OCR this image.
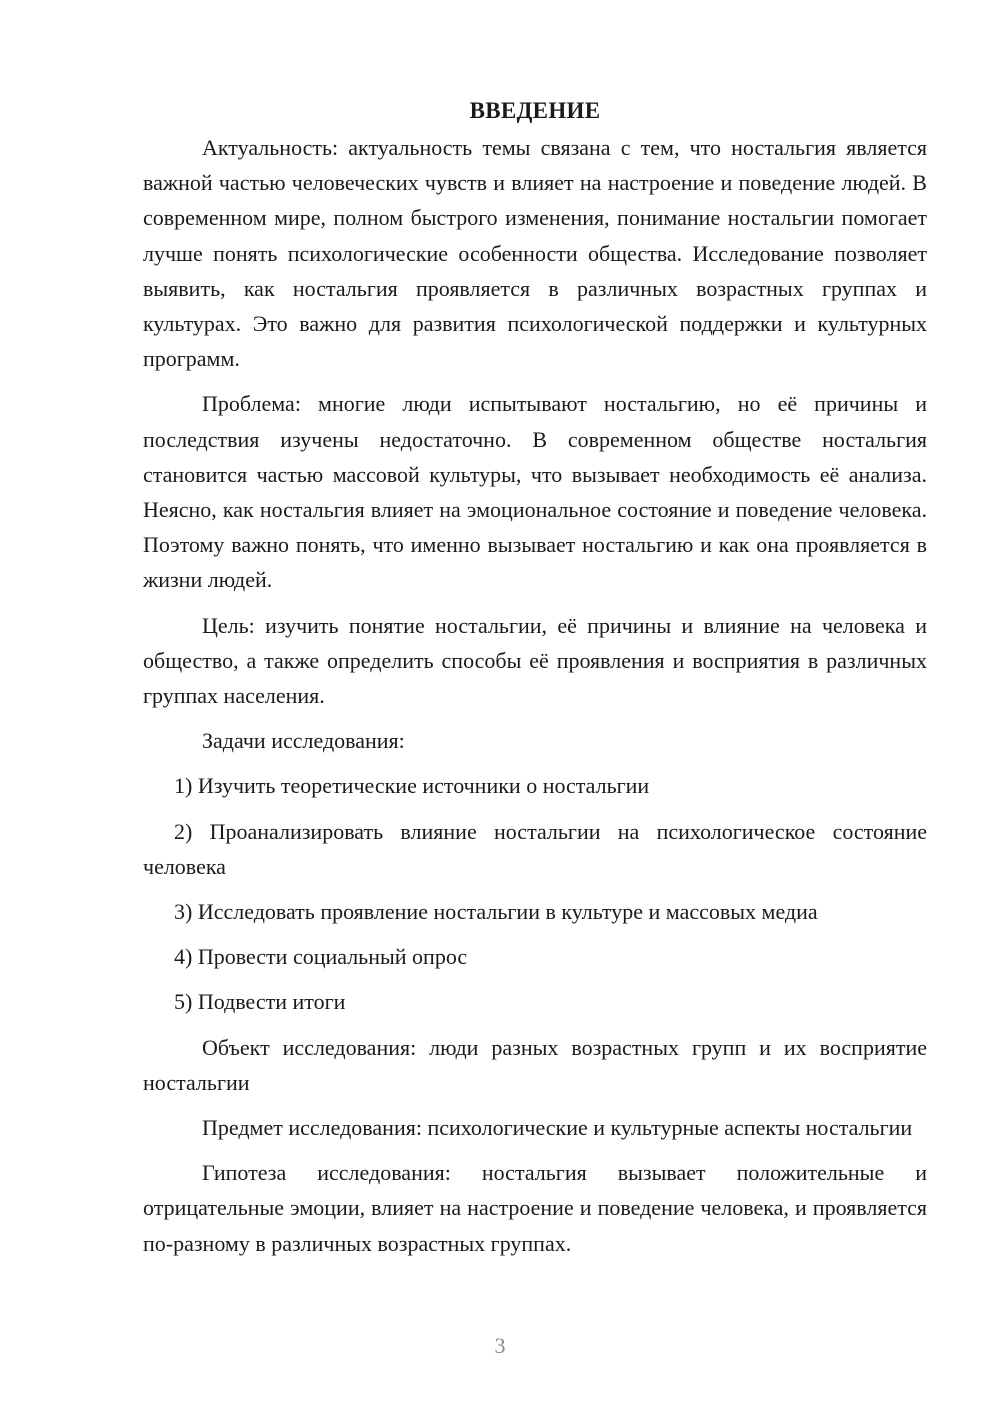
ВВЕДЕНИЕ

Актуальность: актуальность темы связана с тем, что ностальгия является важной частью человеческих чувств и влияет на настроение и поведение людей. В современном мире, полном быстрого изменения, понимание ностальгии помогает лучше понять психологические особенности общества. Исследование позволяет выявить, как ностальгия проявляется в различных возрастных группах и культурах. Это важно для развития психологической поддержки и культурных программ.

Проблема: многие люди испытывают ностальгию, но её причины и последствия изучены недостаточно. В современном обществе ностальгия становится частью массовой культуры, что вызывает необходимость её анализа. Неясно, как ностальгия влияет на эмоциональное состояние и поведение человека. Поэтому важно понять, что именно вызывает ностальгию и как она проявляется в жизни людей.

Цель: изучить понятие ностальгии, её причины и влияние на человека и общество, а также определить способы её проявления и восприятия в различных группах населения.

Задачи исследования:

1) Изучить теоретические источники о ностальгии
2) Проанализировать влияние ностальгии на психологическое состояние человека
3) Исследовать проявление ностальгии в культуре и массовых медиа
4) Провести социальный опрос
5) Подвести итоги

Объект исследования: люди разных возрастных групп и их восприятие ностальгии

Предмет исследования: психологические и культурные аспекты ностальгии

Гипотеза исследования: ностальгия вызывает положительные и отрицательные эмоции, влияет на настроение и поведение человека, и проявляется по-разному в различных возрастных группах.

3
